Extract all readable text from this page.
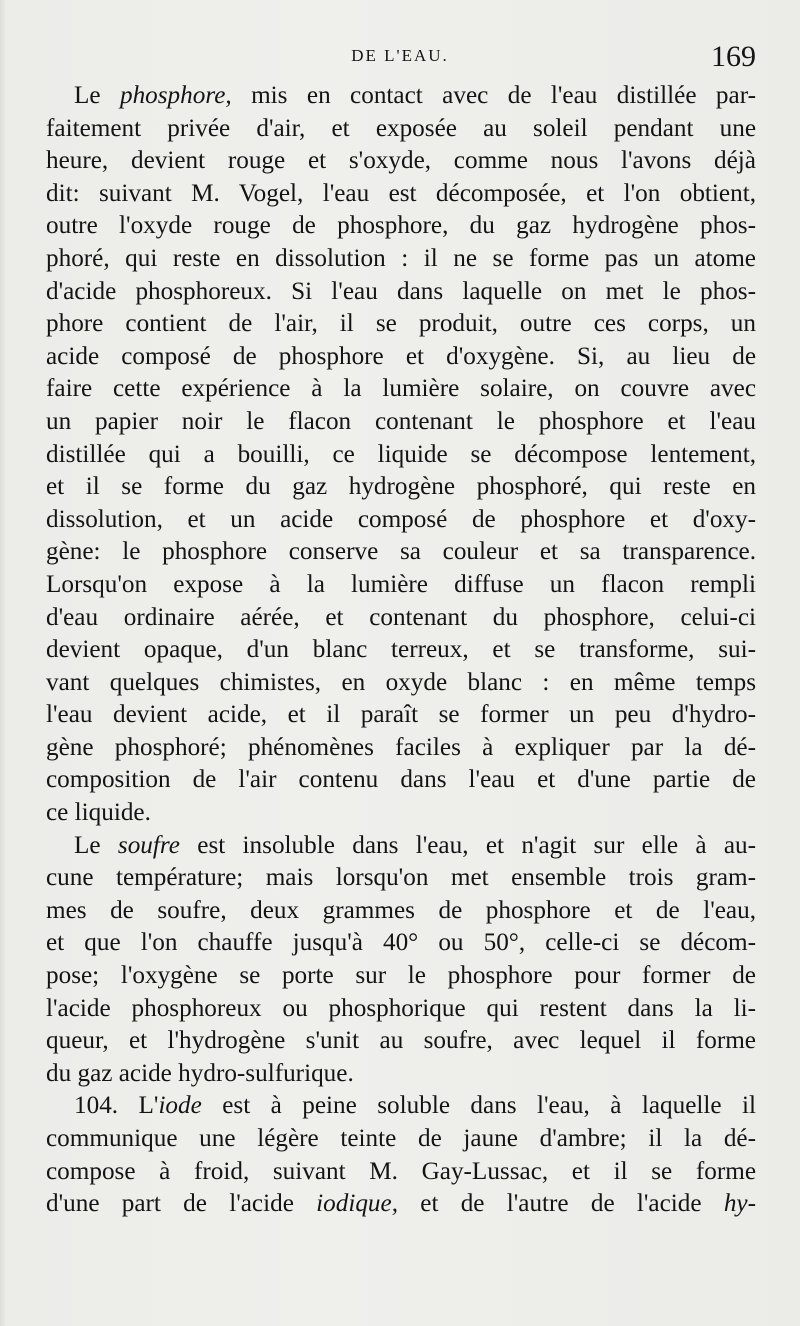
DE L'EAU.	169
Le phosphore, mis en contact avec de l'eau distillée par-
faitement privée d'air, et exposée au soleil pendant une
heure, devient rouge et s'oxyde, comme nous l'avons déjà
dit: suivant M. Vogel, l'eau est décomposée, et l'on obtient,
outre l'oxyde rouge de phosphore, du gaz hydrogène phos-
phoré, qui reste en dissolution : il ne se forme pas un atome
d'acide phosphoreux. Si l'eau dans laquelle on met le phos-
phore contient de l'air, il se produit, outre ces corps, un
acide composé de phosphore et d'oxygène. Si, au lieu de
faire cette expérience à la lumière solaire, on couvre avec
un papier noir le flacon contenant le phosphore et l'eau
distillée qui a bouilli, ce liquide se décompose lentement,
et il se forme du gaz hydrogène phosphoré, qui reste en
dissolution, et un acide composé de phosphore et d'oxy-
gène: le phosphore conserve sa couleur et sa transparence.
Lorsqu'on expose à la lumière diffuse un flacon rempli
d'eau ordinaire aérée, et contenant du phosphore, celui-ci
devient opaque, d'un blanc terreux, et se transforme, sui-
vant quelques chimistes, en oxyde blanc : en même temps
l'eau devient acide, et il paraît se former un peu d'hydro-
gène phosphoré; phénomènes faciles à expliquer par la dé-
composition de l'air contenu dans l'eau et d'une partie de
ce liquide.
Le soufre est insoluble dans l'eau, et n'agit sur elle à au-
cune température; mais lorsqu'on met ensemble trois gram-
mes de soufre, deux grammes de phosphore et de l'eau,
et que l'on chauffe jusqu'à 40° ou 50°, celle-ci se décom-
pose; l'oxygène se porte sur le phosphore pour former de
l'acide phosphoreux ou phosphorique qui restent dans la li-
queur, et l'hydrogène s'unit au soufre, avec lequel il forme
du gaz acide hydro-sulfurique.
104. L'iode est à peine soluble dans l'eau, à laquelle il
communique une légère teinte de jaune d'ambre; il la dé-
compose à froid, suivant M. Gay-Lussac, et il se forme
d'une part de l'acide iodique, et de l'autre de l'acide hy-
